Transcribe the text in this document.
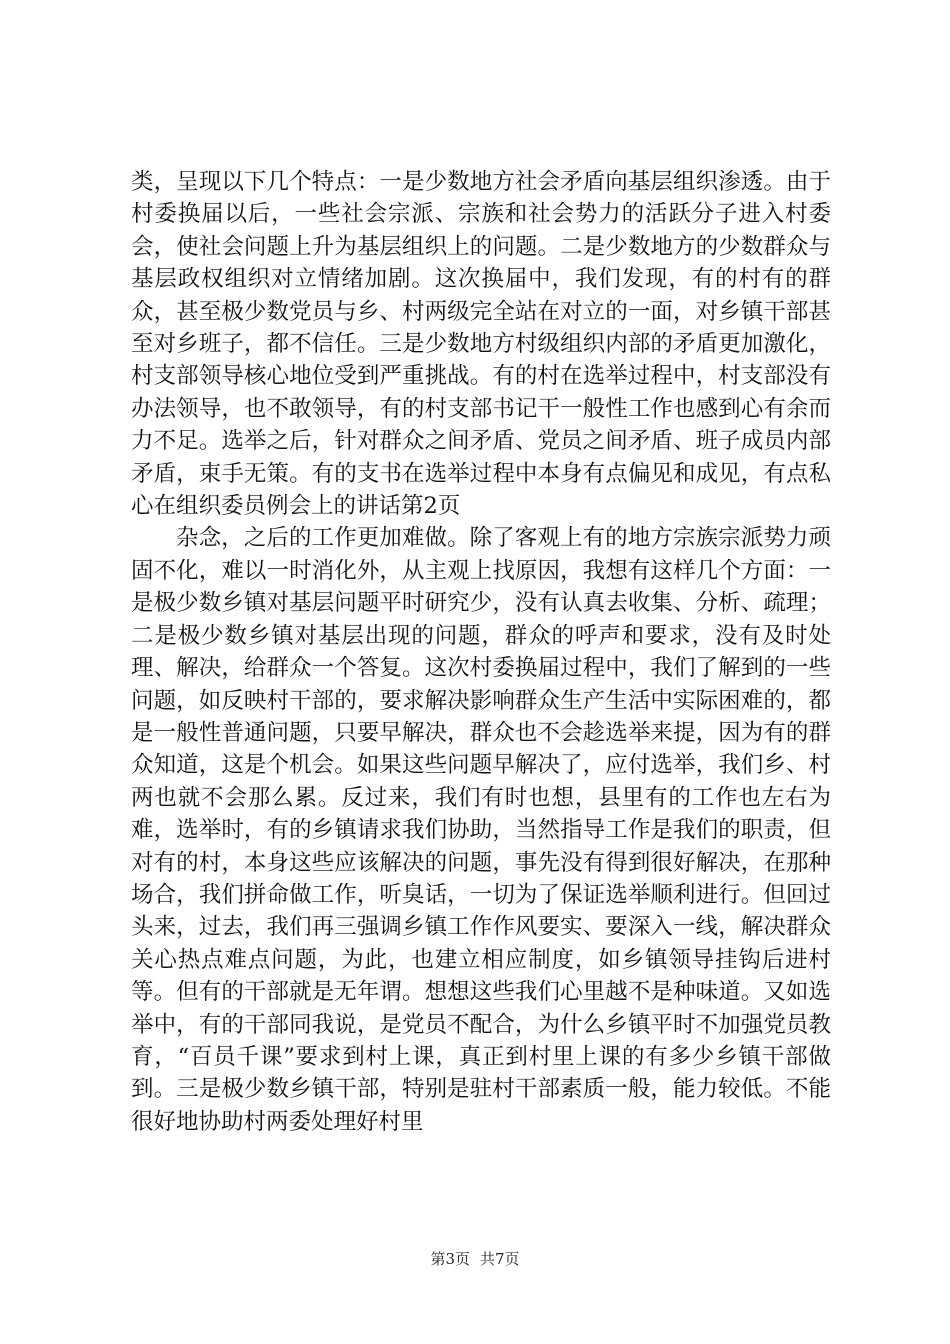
类，呈现以下几个特点：一是少数地方社会矛盾向基层组织渗透。由于村委换届以后，一些社会宗派、宗族和社会势力的活跃分子进入村委会，使社会问题上升为基层组织上的问题。二是少数地方的少数群众与基层政权组织对立情绪加剧。这次换届中，我们发现，有的村有的群众，甚至极少数党员与乡、村两级完全站在对立的一面，对乡镇干部甚至对乡班子，都不信任。三是少数地方村级组织内部的矛盾更加激化，村支部领导核心地位受到严重挑战。有的村在选举过程中，村支部没有办法领导，也不敢领导，有的村支部书记干一般性工作也感到心有余而力不足。选举之后，针对群众之间矛盾、党员之间矛盾、班子成员内部矛盾，束手无策。有的支书在选举过程中本身有点偏见和成见，有点私心在组织委员例会上的讲话第2页

杂念，之后的工作更加难做。除了客观上有的地方宗族宗派势力顽固不化，难以一时消化外，从主观上找原因，我想有这样几个方面：一是极少数乡镇对基层问题平时研究少，没有认真去收集、分析、疏理；二是极少数乡镇对基层出现的问题，群众的呼声和要求，没有及时处理、解决，给群众一个答复。这次村委换届过程中，我们了解到的一些问题，如反映村干部的，要求解决影响群众生产生活中实际困难的，都是一般性普通问题，只要早解决，群众也不会趁选举来提，因为有的群众知道，这是个机会。如果这些问题早解决了，应付选举，我们乡、村两也就不会那么累。反过来，我们有时也想，县里有的工作也左右为难，选举时，有的乡镇请求我们协助，当然指导工作是我们的职责，但对有的村，本身这些应该解决的问题，事先没有得到很好解决，在那种场合，我们拼命做工作，听臭话，一切为了保证选举顺利进行。但回过头来，过去，我们再三强调乡镇工作作风要实、要深入一线，解决群众关心热点难点问题，为此，也建立相应制度，如乡镇领导挂钩后进村等。但有的干部就是无年谓。想想这些我们心里越不是种味道。又如选举中，有的干部同我说，是党员不配合，为什么乡镇平时不加强党员教育，“百员千课”要求到村上课，真正到村里上课的有多少乡镇干部做到。三是极少数乡镇干部，特别是驻村干部素质一般，能力较低。不能很好地协助村两委处理好村里

第3页 共7页
